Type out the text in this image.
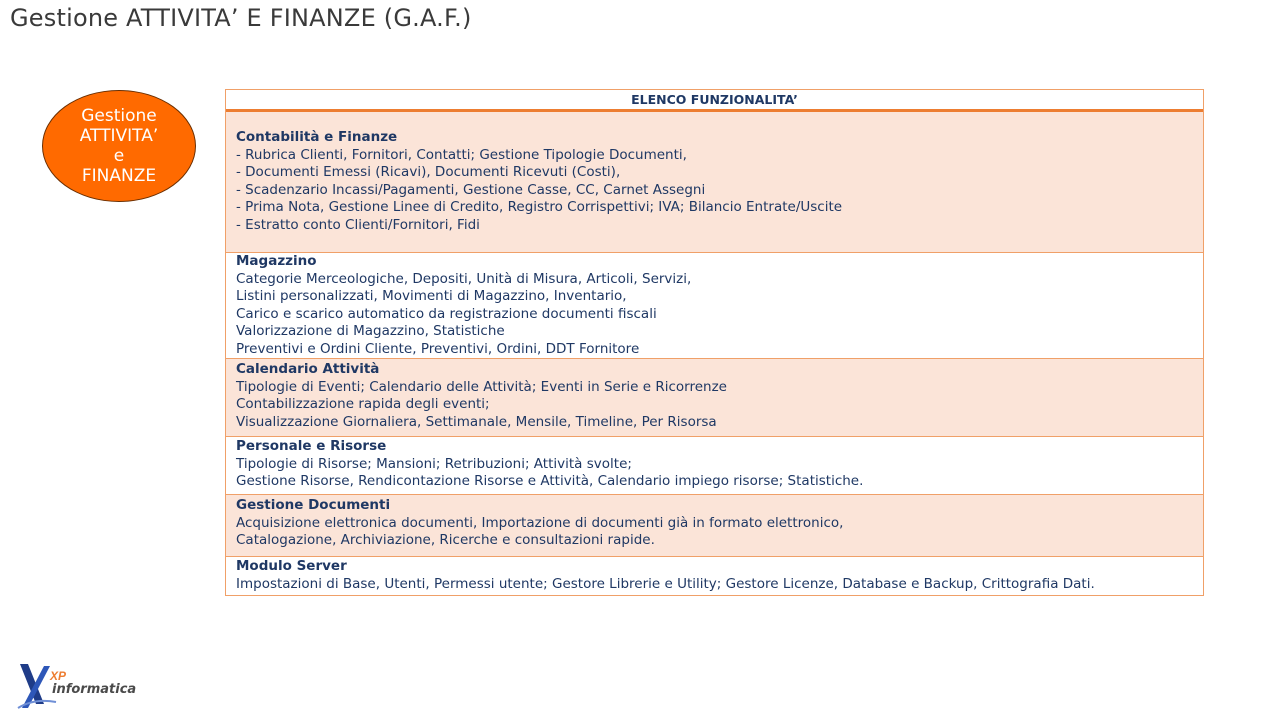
Gestione ATTIVITA’ E FINANZE (G.A.F.)
Gestione
ATTIVITA’
e
FINANZE
ELENCO FUNZIONALITA’
Contabilità e Finanze
- Rubrica Clienti, Fornitori, Contatti; Gestione Tipologie Documenti,
- Documenti Emessi (Ricavi), Documenti Ricevuti (Costi),
- Scadenzario Incassi/Pagamenti, Gestione Casse, CC, Carnet Assegni
- Prima Nota, Gestione Linee di Credito, Registro Corrispettivi; IVA; Bilancio Entrate/Uscite
- Estratto conto Clienti/Fornitori, Fidi
Magazzino
Categorie Merceologiche, Depositi, Unità di Misura, Articoli, Servizi,
Listini personalizzati, Movimenti di Magazzino, Inventario,
Carico e scarico automatico da registrazione documenti fiscali
Valorizzazione di Magazzino, Statistiche
Preventivi e Ordini Cliente, Preventivi, Ordini, DDT Fornitore
Calendario Attività
Tipologie di Eventi; Calendario delle Attività; Eventi in Serie e Ricorrenze
Contabilizzazione rapida degli eventi;
Visualizzazione Giornaliera, Settimanale, Mensile, Timeline, Per Risorsa
Personale e Risorse
Tipologie di Risorse; Mansioni; Retribuzioni; Attività svolte;
Gestione Risorse, Rendicontazione Risorse e Attività, Calendario impiego risorse; Statistiche.
Gestione Documenti
Acquisizione elettronica documenti, Importazione di documenti già in formato elettronico,
Catalogazione, Archiviazione, Ricerche e consultazioni rapide.
Modulo Server
Impostazioni di Base, Utenti, Permessi utente; Gestore Librerie e Utility; Gestore Licenze, Database e Backup, Crittografia Dati.
XP
informatica
